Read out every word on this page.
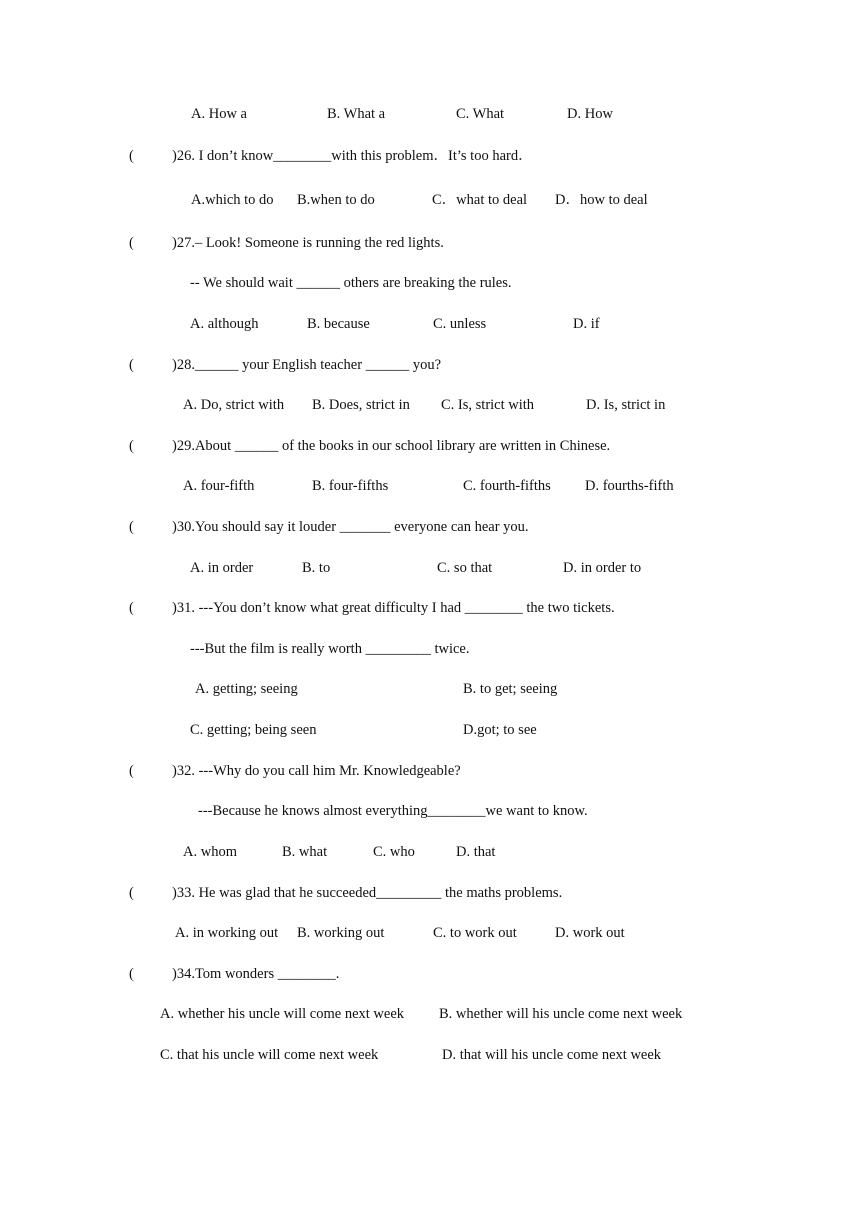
A. How a	B. What a	C. What	D. How
(	)26. I don’t know________with this problem．It’s too hard．
A.which to do B.when to do	C．what to deal D．how to deal
(	)27.– Look! Someone is running the red lights.
-- We should wait ______ others are breaking the rules.
A. although	B. because	C. unless	D. if
(	)28.______ your English teacher ______ you?
A. Do, strict with B. Does, strict in C. Is, strict with	D. Is, strict in
(	)29.About ______ of the books in our school library are written in Chinese.
A. four-fifth	B. four-fifths	C. fourth-fifths D. fourths-fifth
(	)30.You should say it louder _______ everyone can hear you.
A. in order	B. to	C. so that	D. in order to
(	)31. ---You don’t know what great difficulty I had ________ the two tickets.
---But the film is really worth _________ twice.
A. getting; seeing	B. to get; seeing
C. getting; being seen	D.got; to see
(	)32. ---Why do you call him Mr. Knowledgeable?
---Because he knows almost everything________we want to know.
A. whom	B. what	C. who	D. that
(	)33. He was glad that he succeeded_________ the maths problems.
A. in working out B. working out	C. to work out	D. work out
(	)34.Tom wonders ________.
A. whether his uncle will come next week B. whether will his uncle come next week
C. that his uncle will come next week	D. that will his uncle come next week
